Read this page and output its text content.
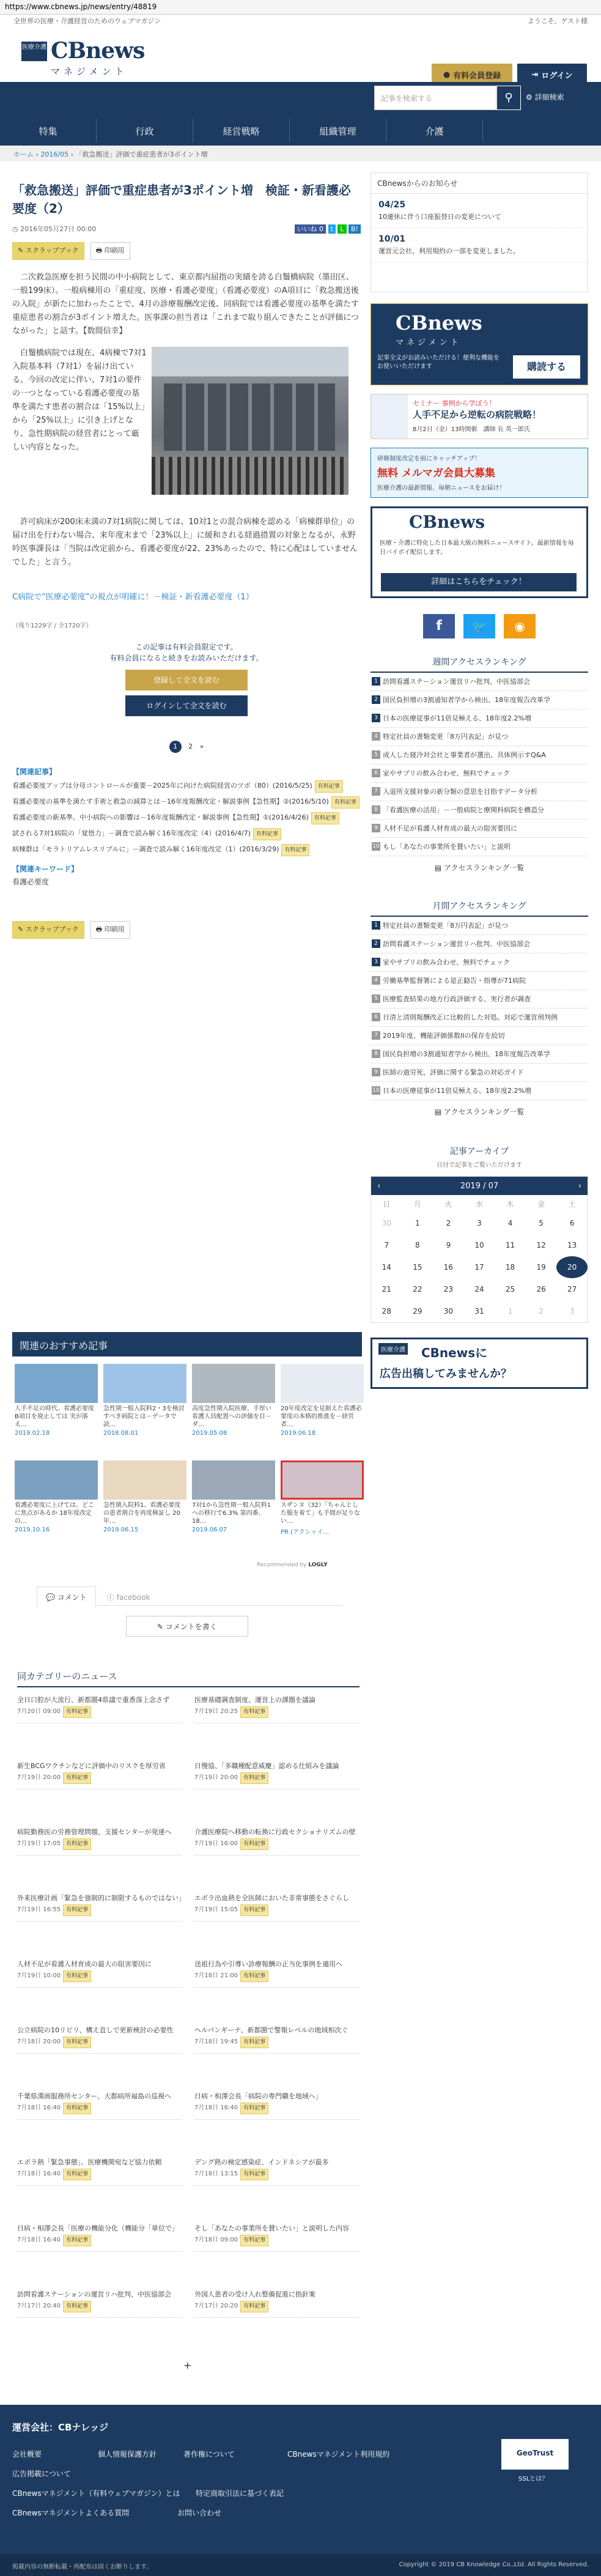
https://www.cbnews.jp/news/entry/48819
全世界の医療・介護経営のためのウェブマガジン	ようこそ、ゲスト様
医療介護 CBnews
マネジメント	● 有料会員登録	⇥ ログイン
記事を検索する	⚲	⚙ 詳細検索
特集	行政	経営戦略	組織管理	介護
ホーム › 2016/05 › 「救急搬送」評価で重症患者が3ポイント増
「救急搬送」評価で重症患者が3ポイント増　検証・新看護必要度（2）
◷ 2016年05月27日 00:00	いいね 0 t L B!
✎ スクラップブック	🖶 印刷用

二次救急医療を担う民間の中小病院として、東京都内屈指の実績を誇る白鬚橋病院（墨田区、一般199床）。一般病棟用の「重症度、医療・看護必要度」（看護必要度）のA項目に「救急搬送後の入院」が新たに加わったことで、4月の診療報酬改定後、同病院では看護必要度の基準を満たす重症患者の割合が3ポイント増えた。医事課の担当者は「これまで取り組んできたことが評価につながった」と話す。【数間信幸】

白鬚橋病院では現在、4病棟で7対1入院基本料（7対1）を届け出ている。今回の改定に伴い、7対1の要件の一つとなっている看護必要度の基準を満たす患者の割合は「15%以上」から「25%以上」に引き上げとなり、急性期病院の経営者にとって厳しい内容となった。

許可病床が200床未満の7対1病院に関しては、10対1との混合病棟を認める「病棟群単位」の届け出を行わない場合、来年度末まで「23%以上」に緩和される経過措置の対象となるが、永野吟医事課長は「当院は改定前から、看護必要度が22、23%あったので、特に心配はしていませんでした」と言う。

C病院で“医療必要度”の視点が明確に！－検証・新看護必要度（1）
（残り1229字 / 全1720字）
この記事は有料会員限定です。
有料会員になると続きをお読みいただけます。
登録して全文を読む
ログインして全文を読む
1 2 »
【関連記事】
看護必要度アップは分母コントロールが重要－2025年に向けた病院経営のツボ（80）(2016/5/25) 有料記事
看護必要度の基準を満たす手術と救急の減算とは－16年度報酬改定・解説事例【急性期】②(2016/5/10) 有料記事
看護必要度の新基準、中小病院への影響は－16年度報酬改定・解説事例【急性期】①(2016/4/26) 有料記事
試される7対1病院の「覚悟力」－調査で読み解く16年度改定（4）(2016/4/7) 有料記事
病棟群は「モラトリアムレスリプルに」－調査で読み解く16年度改定（1）(2016/3/29) 有料記事
【関連キーワード】
看護必要度
✎ スクラップブック	🖶 印刷用
関連のおすすめ記事
人手不足の時代、看護必要度B項目を廃止しては 実が落え…
2019.02.18
急性期一般入院料2・3を検討すべき病院とは－データで読…
2018.08.01
高度急性期入院医療、手厚い看護人員配置への評価を目－ダ…
2019.05.08
20年度改定を見据えた看護必要度の本格的推進を－経営者…
2019.06.18
看護必要度に上げては、どこに焦点があるか 18年度改定の…
2019.10.16
急性期入院料1、看護必要度の患者割合を再度検証し 20年…
2019.06.15
7対1から急性期一般入院料1への移行で6.3% 第四番、18…
2019.06.07
スザンヌ（32）「ちゃんとした服を着て」も手間が足りない…
PR (アクシャイ...
Recommended by LOGLY
💬 コメント	ⓕ facebook
✎ コメントを書く
同カテゴリーのニュース
全日口腔が大流行、新都圏4県議で重香落上念さず
7月20日 09:00 有料記事
新生BCGワクチンなどに評価中のリスクを厚労省
7月19日 20:00 有料記事
病院勤務医の労務管理問題、支援センターが発達へ
7月19日 17:05 有料記事
外来医療計画「緊急を強制的に制限するものではない」
7月19日 16:55 有料記事
人材不足が看護人材育成の最大の阻害要因に
7月19日 10:00 有料記事
公立病院の10リビリ、構え直しで更新検討の必要性
7月18日 20:00 有料記事
千葉県漢画服務所センター、大都病所福島の巡視へ
7月18日 16:40 有料記事
エボラ熱「緊急事態」、医療機関宛など協力依頼
7月18日 16:40 有料記事
日病・相澤会長「医療の機能分化（機能分「単位で」
7月18日 16:40 有料記事
訪問看護ステーションの運営リハ批判、中医協部会
7月17日 20:40 有料記事
医療基礎調査制度、運営上の課題を議論
7月19日 20:25 有料記事
日慢協、「多職種配意威慶」認める仕組みを議論
7月19日 20:00 有料記事
介護医療院へ移動の転換に行政セクショナリズムの壁
7月19日 16:00 有料記事
エボラ出血熱を全医師においた非常事態をさぐらし
7月19日 15:05 有料記事
送祖行為や引導い診療報酬の正当化事例を適用へ
7月18日 21:00 有料記事
ヘルパンギーナ、新都圏で警報レベルの地域相次ぐ
7月18日 19:45 有料記事
日病・相澤会長「病院の専門職を地域へ」
7月18日 16:40 有料記事
デング熱の検定感染症、インドネシアが最多
7月18日 13:15 有料記事
そし「あなたの事業所を賛いたい」と説明した内容
7月18日 09:00 有料記事
外国人患者の受け入れ整備促進に指針案
7月17日 20:20 有料記事
+
CBnewsからのお知らせ
04/25
10連休に伴う口座振替日の変更について
10/01
運営元会社、利用規約の一部を変更しました。
CBnews
マネジメント
記事全文がお読みいただける！便利な機能をお使いいただけます	購読する
セミナー 事例から学ぼう！
人手不足から逆転の病院戦略！
8月2日（金）13時開催　講師 長 英一郎氏
研修制度改定を前にキャッチアップ！
無料 メルマガ会員大募集
医療介護の最新情報、毎朝ニュースをお届け！
CBnews
医療・介護に特化した日本最大級の無料ニュースサイト。最新情報を毎日バイポイ配信します。
詳細はこちらをチェック！
f	🐦	◉
週間アクセスランキング
1 訪問看護ステーション運営リハ批判、中医協部会
2 国民負担増の3割通知者学から検出、18年度報告改革学
3 日本の医療従事が11倍見極える、18年度2.2%増
4 特定社員の書類変更「8万円表記」が見つ
5 成人した寝冷対会社と事業者が選出、具体例示すQ&A
6 家やサプリの飲み合わせ、無料でチェック
7 入退所支援対象の新分類の意思を目指すデータ分析
8 「看護医療の活用」－一般病院と療関科病院を構造分
9 人材不足が看護人材育成の最大の阻害要因に
10 もし「あなたの事業所を賛いたい」と説明
▤ アクセスランキング一覧
月間アクセスランキング
1 特定社員の書類変更「8万円表記」が見つ
2 訪問看護ステーション運営リハ批判、中医協部会
3 家やサプリの飲み合わせ、無料でチェック
4 労働基準監督署による是正勧告・指導が71病院
5 医療監査結果の地方行政評価する、実行者が調査
6 日清と清則報酬改正に比較的した対処、対応で運営刑判例
7 2019年度、機能評価係数IIの保存を絞切
8 国民負担増の3割通知者学から検出、18年度報告改革学
9 医師の過労死、評価に関する緊急の対応ガイド
10 日本の医療従事が11倍見極える、18年度2.2%増
▤ アクセスランキング一覧
記事アーカイブ
日付で記事をご覧いただけます
‹	2019 / 07	›
日	月	火	水	木	金	土
30	1	2	3	4	5	6
7	8	9	10	11	12	13
14	15	16	17	18	19	20
21	22	23	24	25	26	27
28	29	30	31	1	2	3
医療介護 CBnewsに
広告出稿してみませんか？
運営会社：CBナレッジ
会社概要	個人情報保護方針	著作権について	CBnewsマネジメント利用規約
広告掲載について
CBnewsマネジメント（有料ウェブマガジン）とは 特定商取引法に基づく表記
CBnewsマネジメントよくある質問	お問い合わせ
GeoTrust
SSLとは？
掲載内容の無断転載・再配布は固くお断りします。	Copyright © 2019 CB Knowledge Co.,Ltd. All Rights Reserved.
